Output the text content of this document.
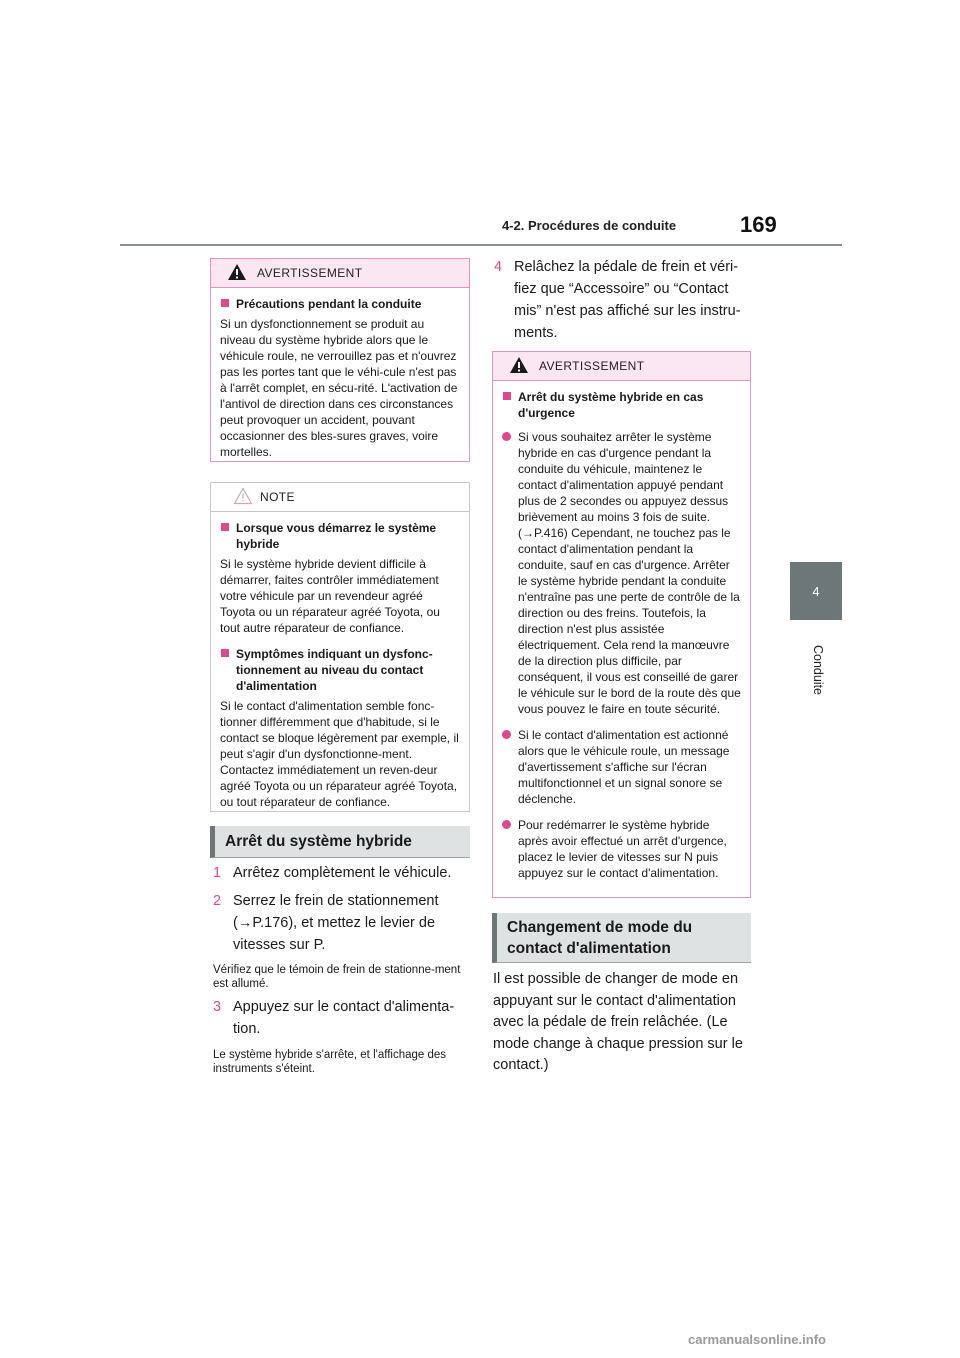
4-2. Procédures de conduite	169
4
Conduite
AVERTISSEMENT
Précautions pendant la conduite
Si un dysfonctionnement se produit au niveau du système hybride alors que le véhicule roule, ne verrouillez pas et n'ouvrez pas les portes tant que le véhi-cule n'est pas à l'arrêt complet, en sécu-rité. L'activation de l'antivol de direction dans ces circonstances peut provoquer un accident, pouvant occasionner des bles-sures graves, voire mortelles.
NOTE
Lorsque vous démarrez le système hybride
Si le système hybride devient difficile à démarrer, faites contrôler immédiatement votre véhicule par un revendeur agréé Toyota ou un réparateur agréé Toyota, ou tout autre réparateur de confiance.
Symptômes indiquant un dysfonc-tionnement au niveau du contact d'alimentation
Si le contact d'alimentation semble fonc-tionner différemment que d'habitude, si le contact se bloque légèrement par exemple, il peut s'agir d'un dysfonctionne-ment. Contactez immédiatement un reven-deur agréé Toyota ou un réparateur agréé Toyota, ou tout réparateur de confiance.
Arrêt du système hybride
1 Arrêtez complètement le véhicule.
2 Serrez le frein de stationnement
(→P.176), et mettez le levier de
vitesses sur P.
Vérifiez que le témoin de frein de stationne-ment est allumé.
3 Appuyez sur le contact d'alimenta-
tion.
Le système hybride s'arrête, et l'affichage des instruments s'éteint.
4 Relâchez la pédale de frein et véri-
fiez que “Accessoire” ou “Contact
mis” n'est pas affiché sur les instru-
ments.
AVERTISSEMENT
Arrêt du système hybride en cas d'urgence
Si vous souhaitez arrêter le système hybride en cas d'urgence pendant la conduite du véhicule, maintenez le contact d'alimentation appuyé pendant plus de 2 secondes ou appuyez dessus brièvement au moins 3 fois de suite. (→P.416) Cependant, ne touchez pas le contact d'alimentation pendant la conduite, sauf en cas d'urgence. Arrêter le système hybride pendant la conduite n'entraîne pas une perte de contrôle de la direction ou des freins. Toutefois, la direction n'est plus assistée électriquement. Cela rend la manœuvre de la direction plus difficile, par conséquent, il vous est conseillé de garer le véhicule sur le bord de la route dès que vous pouvez le faire en toute sécurité.
Si le contact d'alimentation est actionné alors que le véhicule roule, un message d'avertissement s'affiche sur l'écran multifonctionnel et un signal sonore se déclenche.
Pour redémarrer le système hybride après avoir effectué un arrêt d'urgence, placez le levier de vitesses sur N puis appuyez sur le contact d'alimentation.
Changement de mode du contact d'alimentation
Il est possible de changer de mode en appuyant sur le contact d'alimentation avec la pédale de frein relâchée. (Le mode change à chaque pression sur le contact.)
carmanualsonline.info
